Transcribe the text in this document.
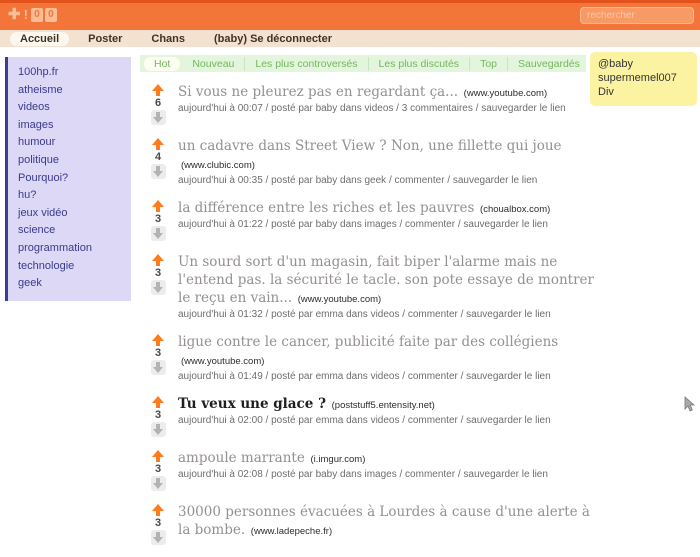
✚ ! 0 0
rechercher
Accueil	Poster	Chans	(baby) Se déconnecter
100hp.fr
atheisme
videos
images
humour
politique
Pourquoi?
hu?
jeux vidéo
science
programmation
technologie
geek
Hot	Nouveau	Les plus controversés	Les plus discutés	Top	Sauvegardés	@baby
supermemel007
Div
6
Si vous ne pleurez pas en regardant ça... (www.youtube.com)
aujourd'hui à 00:07 / posté par baby dans videos / 3 commentaires / sauvegarder le lien
4
un cadavre dans Street View ? Non, une fillette qui joue (www.clubic.com)
aujourd'hui à 00:35 / posté par baby dans geek / commenter / sauvegarder le lien
3
la différence entre les riches et les pauvres (choualbox.com)
aujourd'hui à 01:22 / posté par baby dans images / commenter / sauvegarder le lien
3
Un sourd sort d'un magasin, fait biper l'alarme mais ne l'entend pas. la sécurité le tacle. son pote essaye de montrer le reçu en vain... (www.youtube.com)
aujourd'hui à 01:32 / posté par emma dans videos / commenter / sauvegarder le lien
3
ligue contre le cancer, publicité faite par des collégiens (www.youtube.com)
aujourd'hui à 01:49 / posté par emma dans videos / commenter / sauvegarder le lien
3
Tu veux une glace ? (poststuff5.entensity.net)
aujourd'hui à 02:00 / posté par emma dans videos / commenter / sauvegarder le lien
3
ampoule marrante (i.imgur.com)
aujourd'hui à 02:08 / posté par baby dans images / commenter / sauvegarder le lien
3
30000 personnes évacuées à Lourdes à cause d'une alerte à la bombe. (www.ladepeche.fr)
